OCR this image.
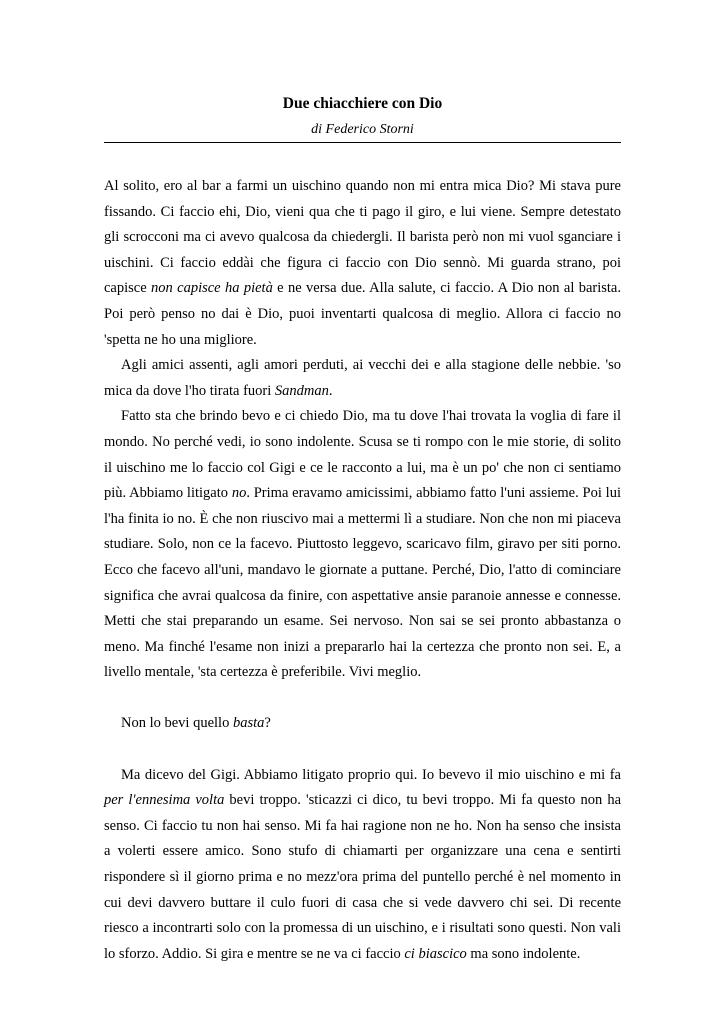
Due chiacchiere con Dio
di Federico Storni

Al solito, ero al bar a farmi un uischino quando non mi entra mica Dio? Mi stava pure fissando. Ci faccio ehi, Dio, vieni qua che ti pago il giro, e lui viene. Sempre detestato gli scrocconi ma ci avevo qualcosa da chiedergli. Il barista però non mi vuol sganciare i uischini. Ci faccio eddài che figura ci faccio con Dio sennò. Mi guarda strano, poi capisce non capisce ha pietà e ne versa due. Alla salute, ci faccio. A Dio non al barista. Poi però penso no dai è Dio, puoi inventarti qualcosa di meglio. Allora ci faccio no 'spetta ne ho una migliore.

Agli amici assenti, agli amori perduti, ai vecchi dei e alla stagione delle nebbie. 'so mica da dove l'ho tirata fuori Sandman.

Fatto sta che brindo bevo e ci chiedo Dio, ma tu dove l'hai trovata la voglia di fare il mondo. No perché vedi, io sono indolente. Scusa se ti rompo con le mie storie, di solito il uischino me lo faccio col Gigi e ce le racconto a lui, ma è un po' che non ci sentiamo più. Abbiamo litigato no. Prima eravamo amicissimi, abbiamo fatto l'uni assieme. Poi lui l'ha finita io no. È che non riuscivo mai a mettermi lì a studiare. Non che non mi piaceva studiare. Solo, non ce la facevo. Piuttosto leggevo, scaricavo film, giravo per siti porno. Ecco che facevo all'uni, mandavo le giornate a puttane. Perché, Dio, l'atto di cominciare significa che avrai qualcosa da finire, con aspettative ansie paranoie annesse e connesse. Metti che stai preparando un esame. Sei nervoso. Non sai se sei pronto abbastanza o meno. Ma finché l'esame non inizi a prepararlo hai la certezza che pronto non sei. E, a livello mentale, 'sta certezza è preferibile. Vivi meglio.

Non lo bevi quello basta?

Ma dicevo del Gigi. Abbiamo litigato proprio qui. Io bevevo il mio uischino e mi fa per l'ennesima volta bevi troppo. 'sticazzi ci dico, tu bevi troppo. Mi fa questo non ha senso. Ci faccio tu non hai senso. Mi fa hai ragione non ne ho. Non ha senso che insista a volerti essere amico. Sono stufo di chiamarti per organizzare una cena e sentirti rispondere sì il giorno prima e no mezz'ora prima del puntello perché è nel momento in cui devi davvero buttare il culo fuori di casa che si vede davvero chi sei. Di recente riesco a incontrarti solo con la promessa di un uischino, e i risultati sono questi. Non vali lo sforzo. Addio. Si gira e mentre se ne va ci faccio ci biascico ma sono indolente.
